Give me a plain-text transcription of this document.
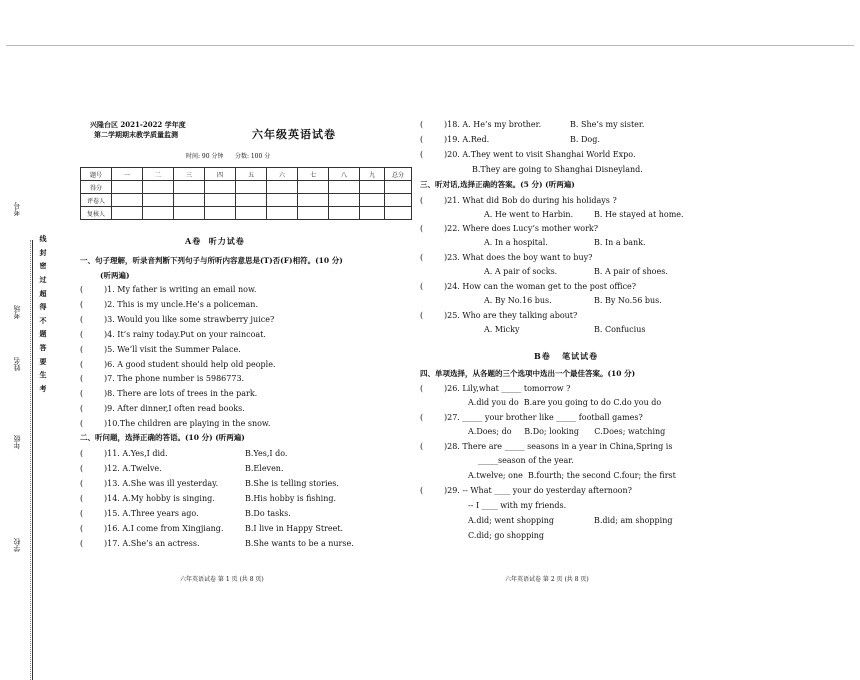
考号
考场
姓名
年级
学校
线
封
密
过
超
得
不
题
答
要
生
考
兴隆台区 2021-2022 学年度
第二学期期末教学质量监测	六年级英语试卷
时间: 90 分钟 分数: 100 分
题号	一	二	三	四	五	六	七	八	九	总分
得分										
评卷人										
复核人										
A卷  听力试卷
一、句子理解，听录音判断下列句子与所听内容意思是(T)否(F)相符。(10 分)
(听两遍)
(	)1. My father is writing an email now.
(	)2. This is my uncle.He’s a policeman.
(	)3. Would you like some strawberry juice?
(	)4. It’s rainy today.Put on your raincoat.
(	)5. We’ll visit the Summer Palace.
(	)6. A good student should help old people.
(	)7. The phone number is 5986773.
(	)8. There are lots of trees in the park.
(	)9. After dinner,I often read books.
(	)10.The children are playing in the snow.
二、听问题，选择正确的答语。(10 分) (听两遍)
(	)11. A.Yes,I did.	B.Yes,I do.
(	)12. A.Twelve.	B.Eleven.
(	)13. A.She was ill yesterday.	B.She is telling stories.
(	)14. A.My hobby is singing.	B.His hobby is fishing.
(	)15. A.Three years ago.	B.Do tasks.
(	)16. A.I come from Xingjiang.	B.I live in Happy Street.
(	)17. A.She’s an actress.	B.She wants to be a nurse.
(	)18. A. He’s my brother.	B. She’s my sister.
(	)19. A.Red.	B. Dog.
(	)20. A.They went to visit Shanghai World Expo.
B.They are going to Shanghai Disneyland.
三、听对话,选择正确的答案。(5 分) (听两遍)
(	)21. What did Bob do during his holidays ?
A. He went to Harbin.	B. He stayed at home.
(	)22. Where does Lucy’s mother work?
A. In a hospital.	B. In a bank.
(	)23. What does the boy want to buy?
A. A pair of socks.	B. A pair of shoes.
(	)24. How can the woman get to the post office?
A. By No.16 bus.	B. By No.56 bus.
(	)25. Who are they talking about?
A. Micky	B. Confucius
B卷   笔试试卷
四、单项选择，从各题的三个选项中选出一个最佳答案。(10 分)
(	)26. Lily,what _____ tomorrow ?
A.did you do  B.are you going to do C.do you do
(	)27. _____ your brother like _____ football games?
A.Does; do     B.Do; looking      C.Does; watching
(	)28. There are _____ seasons in a year in China,Spring is
_____season of the year.
A.twelve; one  B.fourth; the second C.four; the first
(	)29. -- What ____ your do yesterday afternoon?
-- I ____ with my friends.
A.did; went shopping	B.did; am shopping
C.did; go shopping
六年英语试卷 第 1 页 (共 8 页)	六年英语试卷 第 2 页 (共 8 页)
